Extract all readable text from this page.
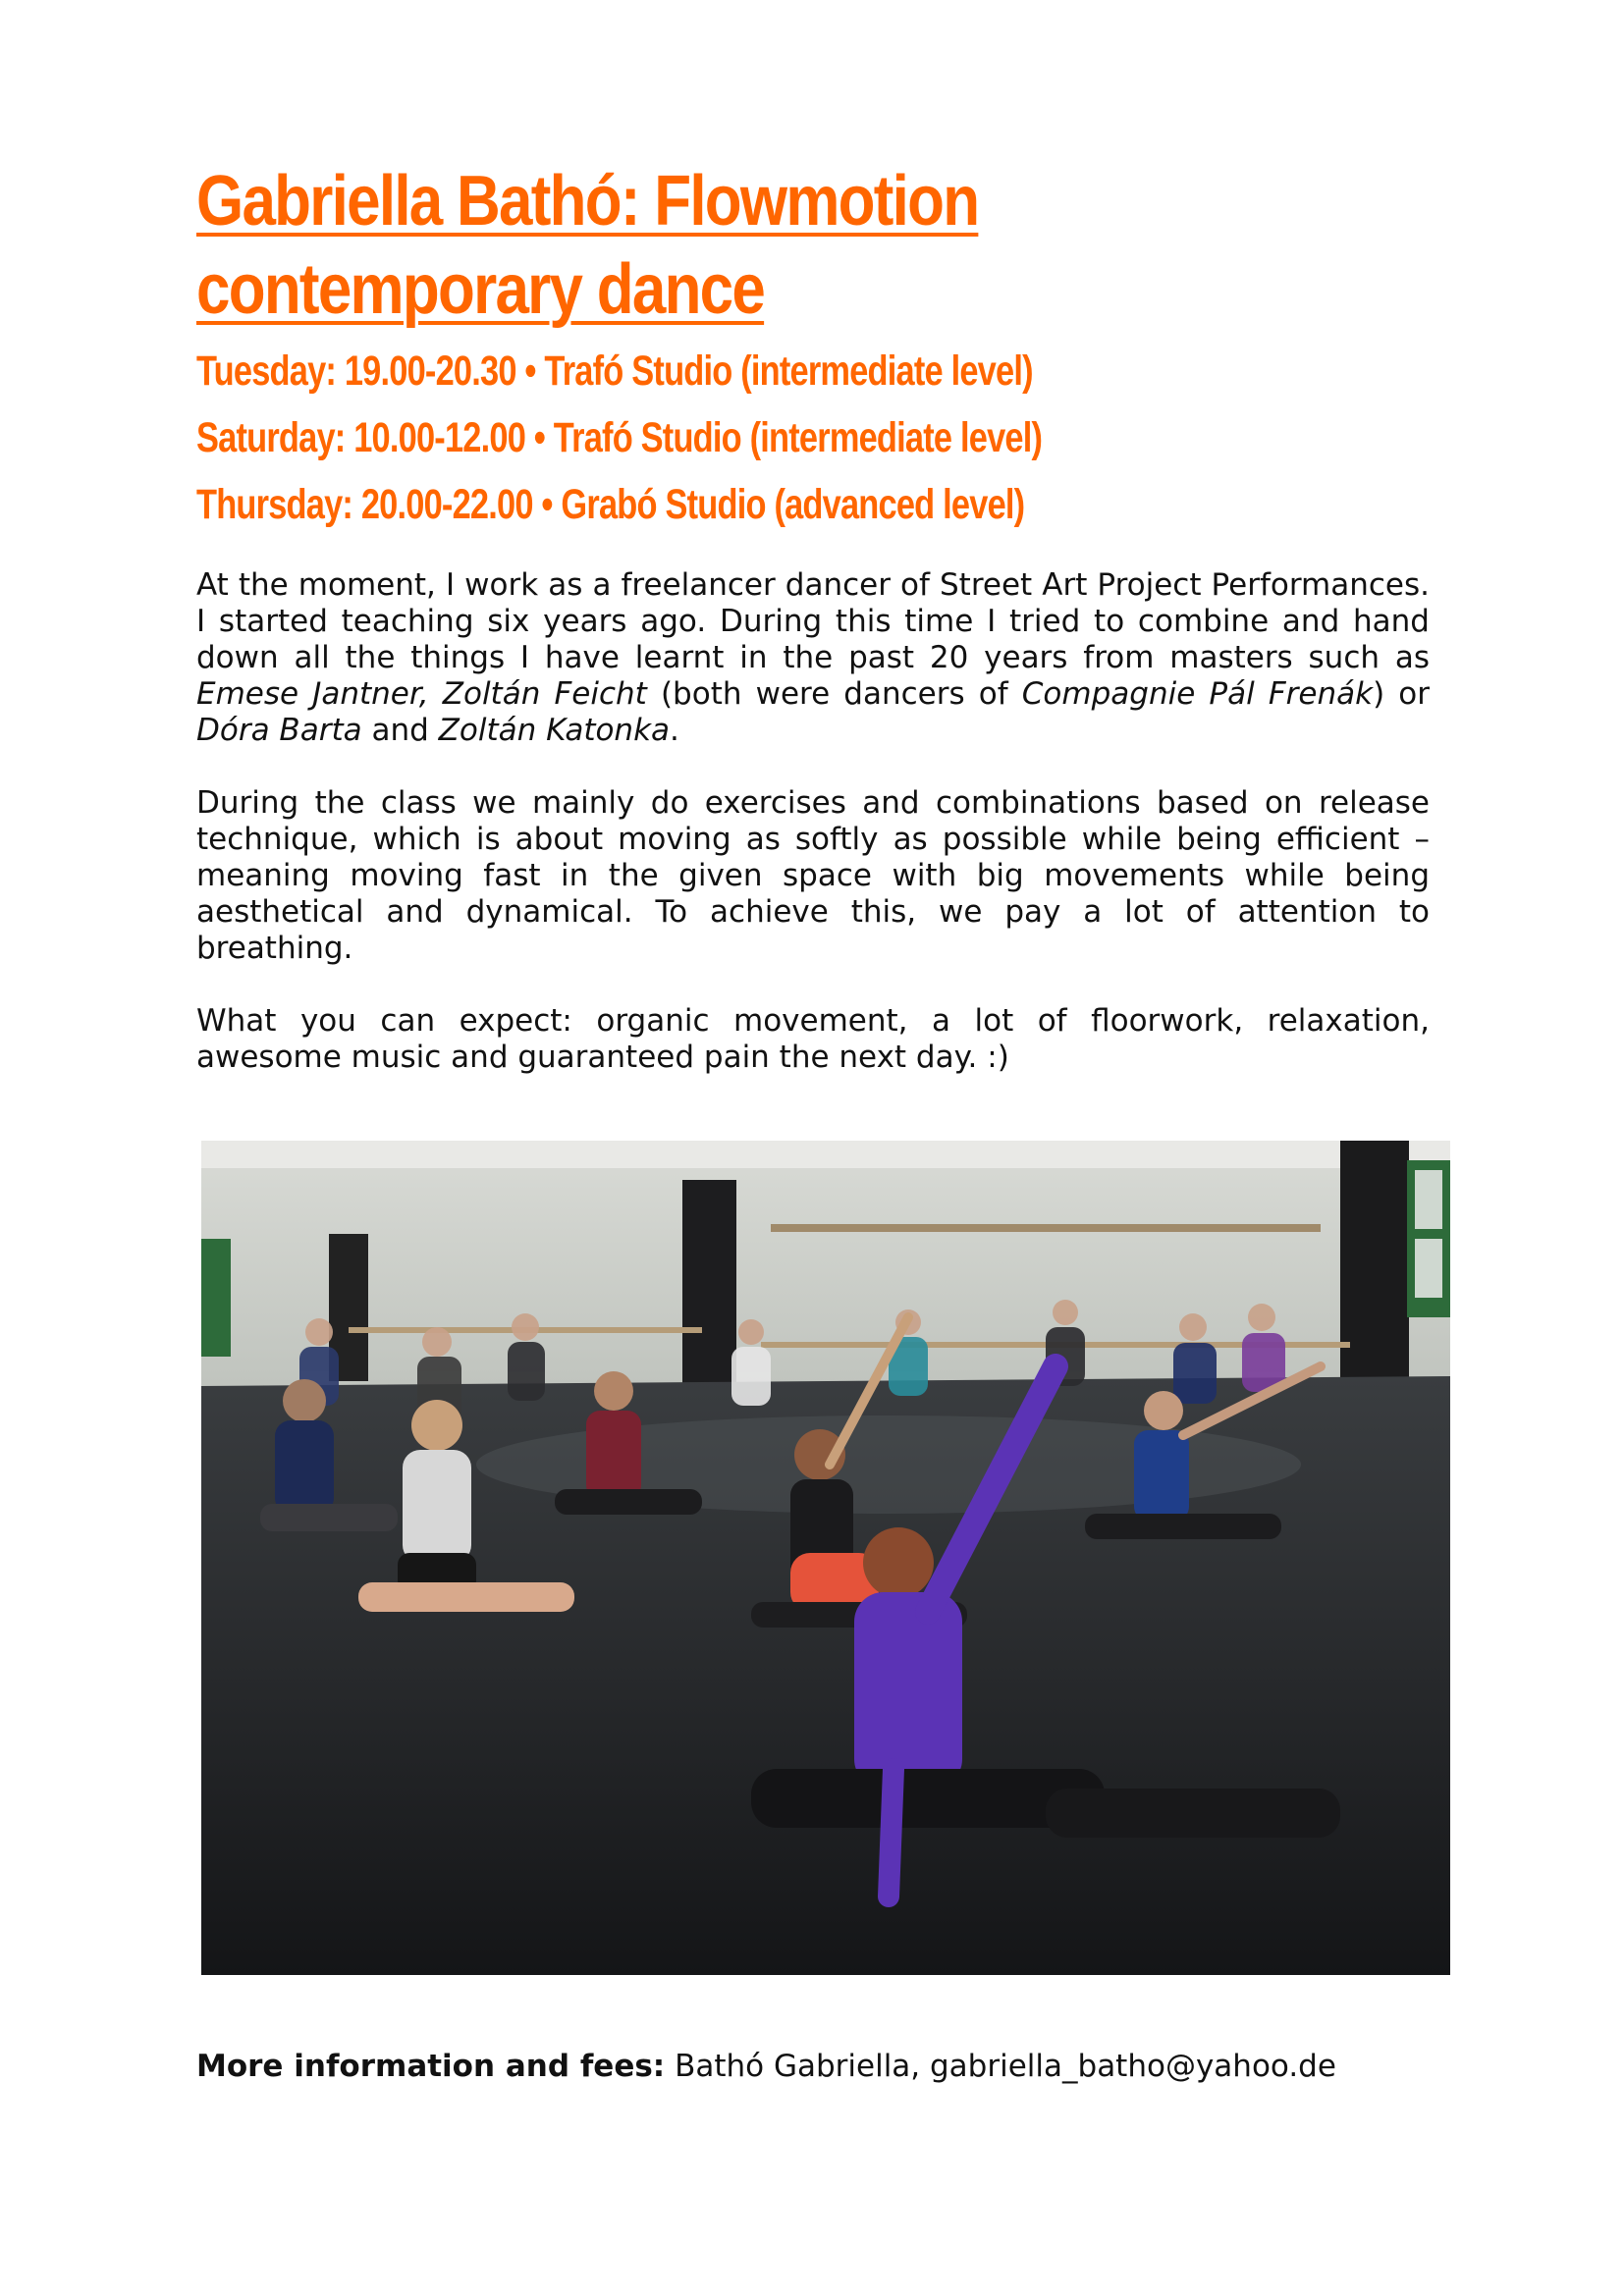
Gabriella Bathó: Flowmotion
contemporary dance
Tuesday: 19.00-20.30 • Trafó Studio (intermediate level)
Saturday: 10.00-12.00 • Trafó Studio (intermediate level)
Thursday: 20.00-22.00 • Grabó Studio (advanced level)

At the moment, I work as a freelancer dancer of Street Art Project Performances. I started teaching six years ago. During this time I tried to combine and hand down all the things I have learnt in the past 20 years from masters such as Emese Jantner, Zoltán Feicht (both were dancers of Compagnie Pál Frenák) or Dóra Barta and Zoltán Katonka.

During the class we mainly do exercises and combinations based on release technique, which is about moving as softly as possible while being efficient – meaning moving fast in the given space with big movements while being aesthetical and dynamical. To achieve this, we pay a lot of attention to breathing.

What you can expect: organic movement, a lot of floorwork, relaxation, awesome music and guaranteed pain the next day. :)

More information and fees: Bathó Gabriella, gabriella_batho@yahoo.de
